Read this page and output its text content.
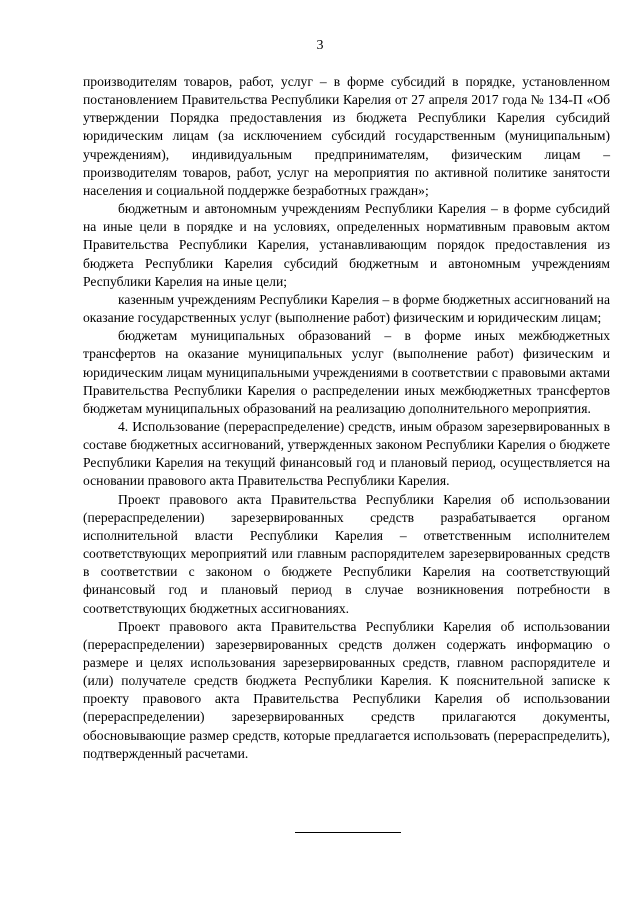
3

производителям товаров, работ, услуг – в форме субсидий в порядке, установленном постановлением Правительства Республики Карелия от 27 апреля 2017 года № 134-П «Об утверждении Порядка предоставления из бюджета Республики Карелия субсидий юридическим лицам (за исключением субсидий государственным (муниципальным) учреждениям), индивидуальным предпринимателям, физическим лицам – производителям товаров, работ, услуг на мероприятия по активной политике занятости населения и социальной поддержке безработных граждан»;

бюджетным и автономным учреждениям Республики Карелия – в форме субсидий на иные цели в порядке и на условиях, определенных нормативным правовым актом Правительства Республики Карелия, устанавливающим порядок предоставления из бюджета Республики Карелия субсидий бюджетным и автономным учреждениям Республики Карелия на иные цели;

казенным учреждениям Республики Карелия – в форме бюджетных ассигнований на оказание государственных услуг (выполнение работ) физическим и юридическим лицам;

бюджетам муниципальных образований – в форме иных межбюджетных трансфертов на оказание муниципальных услуг (выполнение работ) физическим и юридическим лицам муниципальными учреждениями в соответствии с правовыми актами Правительства Республики Карелия о распределении иных межбюджетных трансфертов бюджетам муниципальных образований на реализацию дополнительного мероприятия.

4. Использование (перераспределение) средств, иным образом зарезервированных в составе бюджетных ассигнований, утвержденных законом Республики Карелия о бюджете Республики Карелия на текущий финансовый год и плановый период, осуществляется на основании правового акта Правительства Республики Карелия.

Проект правового акта Правительства Республики Карелия об использовании (перераспределении) зарезервированных средств разрабатывается органом исполнительной власти Республики Карелия – ответственным исполнителем соответствующих мероприятий или главным распорядителем зарезервированных средств в соответствии с законом о бюджете Республики Карелия на соответствующий финансовый год и плановый период в случае возникновения потребности в соответствующих бюджетных ассигнованиях.

Проект правового акта Правительства Республики Карелия об использовании (перераспределении) зарезервированных средств должен содержать информацию о размере и целях использования зарезервированных средств, главном распорядителе и (или) получателе средств бюджета Республики Карелия. К пояснительной записке к проекту правового акта Правительства Республики Карелия об использовании (перераспределении) зарезервированных средств прилагаются документы, обосновывающие размер средств, которые предлагается использовать (перераспределить), подтвержденный расчетами.
